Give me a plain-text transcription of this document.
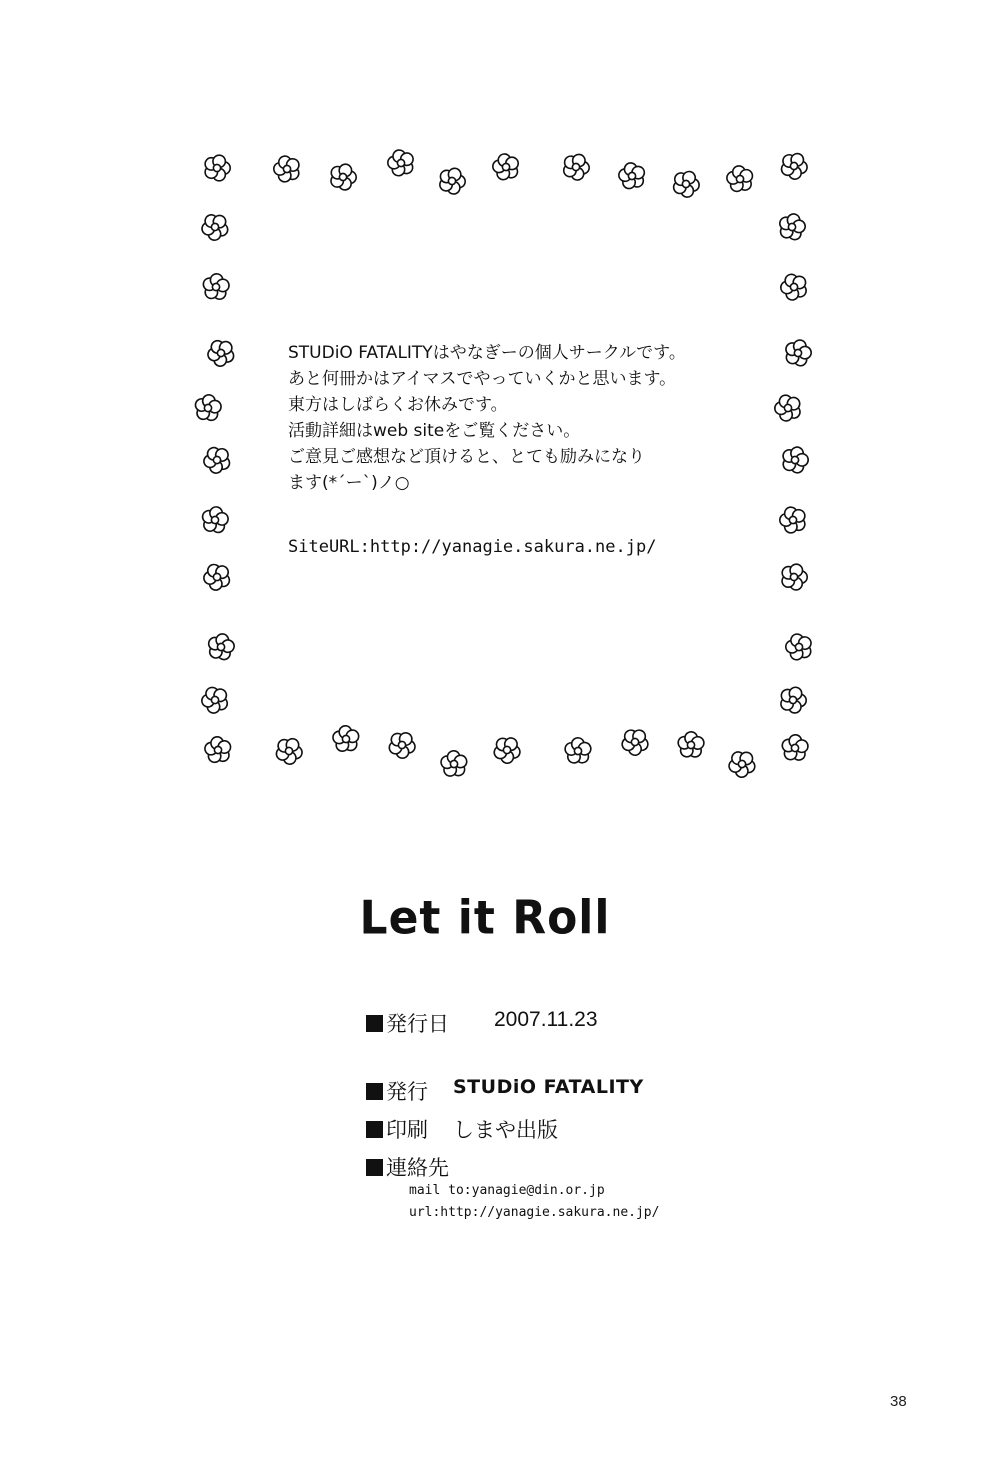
STUDiO FATALITYはやなぎーの個人サークルです。
あと何冊かはアイマスでやっていくかと思います。
東方はしばらくお休みです。
活動詳細はweb siteをご覧ください。
ご意見ご感想など頂けると、とても励みになり
ます(*´ー`)ノ○
SiteURL:http://yanagie.sakura.ne.jp/
Let it Roll
発行日 2007.11.23
発行 STUDiO FATALITY
印刷 しまや出版
連絡先
mail to:yanagie@din.or.jp
url:http://yanagie.sakura.ne.jp/
38
